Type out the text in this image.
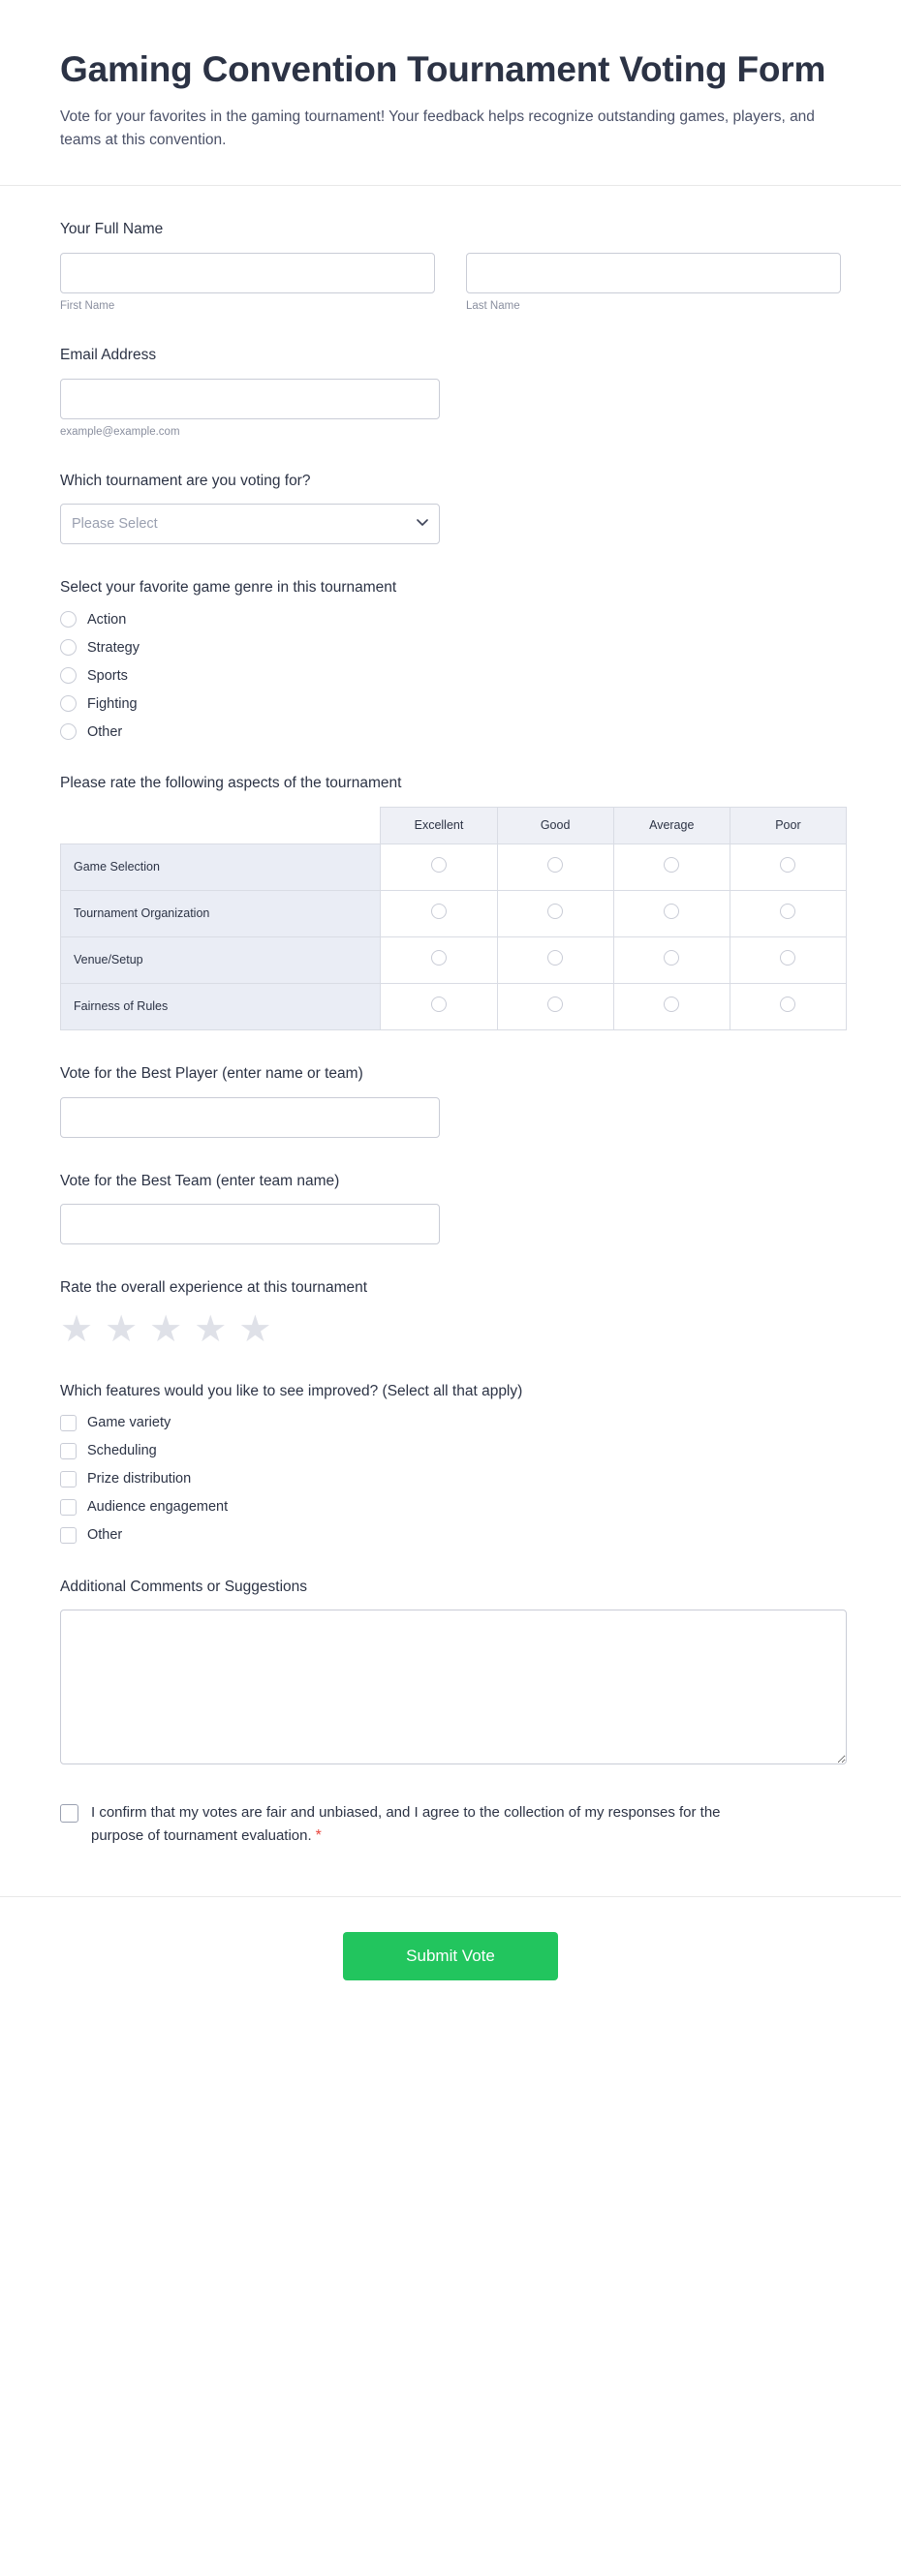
Gaming Convention Tournament Voting Form

Vote for your favorites in the gaming tournament! Your feedback helps recognize outstanding games, players, and teams at this convention.

Your Full Name
First Name	Last Name
Email Address
example@example.com
Which tournament are you voting for?
Please Select
Select your favorite game genre in this tournament
Action
Strategy
Sports
Fighting
Other
Please rate the following aspects of the tournament
	Excellent	Good	Average	Poor
Game Selection				
Tournament Organization				
Venue/Setup				
Fairness of Rules				
Vote for the Best Player (enter name or team)
Vote for the Best Team (enter team name)
Rate the overall experience at this tournament
★ ★ ★ ★ ★
Which features would you like to see improved? (Select all that apply)
Game variety
Scheduling
Prize distribution
Audience engagement
Other
Additional Comments or Suggestions
I confirm that my votes are fair and unbiased, and I agree to the collection of my responses for the purpose of tournament evaluation. *
Submit Vote
